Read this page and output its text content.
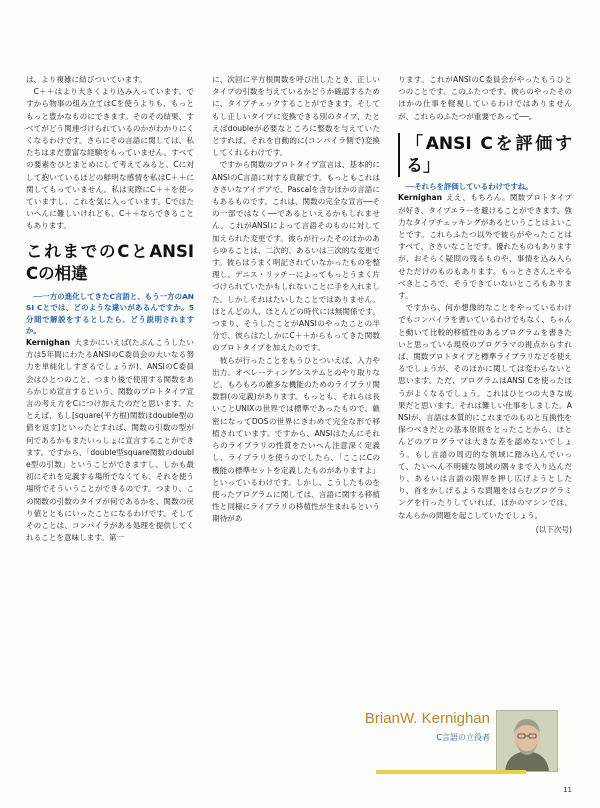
は、より複雑に結びついています。

C＋＋はより大きくより込み入っています。ですから物事の組み立てはCを使うよりも、もっともっと豊かなものにできます。そのその結果、すべてがどう関連づけられているのかがわかりにくくなるわけです。さらにその言語に関しては、私たちはまだ豊富な経験をもっていません。すべての要素をひとまとめにして考えてみると、Cに対して抱いているほどの鮮明な感情を私はC＋＋に関してもっていません。私は実際にC＋＋を使っていますし、これを気に入っています。Cではたいへんに難しいけれども、C＋＋ならできることもあります。

これまでのCとANSI Cの相違

──一方の進化してきたC言語と、もう一方のANSI Cとでは、どのような違いがあるんですか。5分間で解説をするとしたら、どう説明されますか。

Kernighan 大まかにいえば(たぶんこうしたい方は5年間にわたるANSIのC委員会の大いなる努力を単純化しすぎるでしょうが)、ANSIのC委員会はひとつのこと、つまり後で使用する関数をあらかじめ宣言するという、関数のプロトタイプ宣言の考え方をCにつけ加えたのだと思います。たとえば、もし[square(平方根)関数はdouble型の値を返す]といったとすれば、関数の引数の型が何であるかもまたいっしょに宣言することができます。ですから、「double型square関数のdouble型の引数」ということができますし、しかも最初にそれを定義する場所でなくても、それを使う場所でそういうことができるのです。つまり、この関数の引数のタイプが何であるかを、関数の戻り値とともにいったことになるわけです。そしてそのことは、コンパイラがある処理を提供してくれることを意味します。第一

に、次回に平方根関数を呼び出したとき、正しいタイプの引数を与えているかどうか確認するために、タイプチェックすることができます。そしてもし正しいタイプに変換できる別のタイプ、たとえばdoubleが必要なところに整数を与えていたとすれば、それを自動的に(コンパイラ側で)変換してくれるわけです。

ですから関数のプロトタイプ宣言は、基本的にANSIのC言語に対する貢献です。もっともこれはささいなアイデアで、Pascalを含むほかの言語にもあるものです。これは、関数の完全な宣言──その一部ではなく──であるといえるかもしれません。これがANSIによって言語そのものに対して加えられた変更です。彼らが行ったそのほかのあらゆることは、二次的、あるいは三次的な変更です。彼らはうまく明記されていなかったものを整理し、デニス・リッチーによってもっとうまく片づけられていたかもしれないことに手を入れました。しかしそれはたいしたことではありません。ほとんどの人、ほとんどの時代には無関係です。つまり、そうしたことがANSIのやったことの半分で、彼らはたしかにC＋＋からもってきた関数のプロトタイプを加えたのです。

彼らが行ったことをもうひとついえば、入力や出力、オペレーティングシステムとのやり取りなど、もろもろの雑多な機能のためのライブラリ関数群(の定義)があります。もっとも、それらは長いことUNIXの世界では標準であったもので、厳密になってDOSの世界にきわめて完全な形で移植されています。ですから、ANSIはたんにそれらのライブラリの性質をたいへん注意深く定義し、ライブラリを使うのでしたら、「ここにCの機能の標準セットを定義したものがありますよ」といっているわけです。しかし、こうしたものを使ったプログラムに関しては、言語に関する移植性と同様にライブラリの移植性が生まれるという期待があ

ります。これがANSIのC委員会がやったもうひとつのことです。このふたつです。彼らのやったそのほかの仕事を軽視しているわけではありませんが、これらのふたつが重要であって──。

「ANSI Cを評価する」

──それらを評価しているわけですね。

Kernighan ええ、もちろん。関数プロトタイプが好き、タイプエラーを避けることができます。強力なタイプチェッキングがあるということはよいことです。これらふたつ以外で彼らがやったことはすべて、ささいなことです。優れたものもありますが、おそらく疑問の残るものや、事情を込み入らせただけのものもあります。もっとささんとやるべきところで、そうできていないところもあります。

ですから、何か想像的なことをやっているわけでもコンパイラを書いているわけでもなく、ちゃんと動いて比較的移植性のあるプログラムを書きたいと思っている現役のプログラマの視点からすれば、関数プロトタイプと標準ライブラリなどを使えるでしょうが、そのほかに関しては変わらないと思います。ただ、プログラムはANSI Cを使ったほうがよくなるでしょう。これはひとつの大きな成果だと思います。それは難しい仕事をしました。ANSIが、言語は本質的にこれまでのものと互換性を保つべきだとの基本原則をとったことから、ほとんどのプログラマは大きな差を認めないでしょう。もし言語の周辺的な領域に踏み込んでいって、たいへん不明確な領域の隅々まで入り込んだり、あるいは言語の限界を押し広げようとしたり、首をかしげるような問題をはらむプログラミングを行ったりしていれば、ほかのマシンでは、なんらかの問題を起こしていたでしょう。

(以下次号)

BrianW. Kernighan
C言語の立役者
11
